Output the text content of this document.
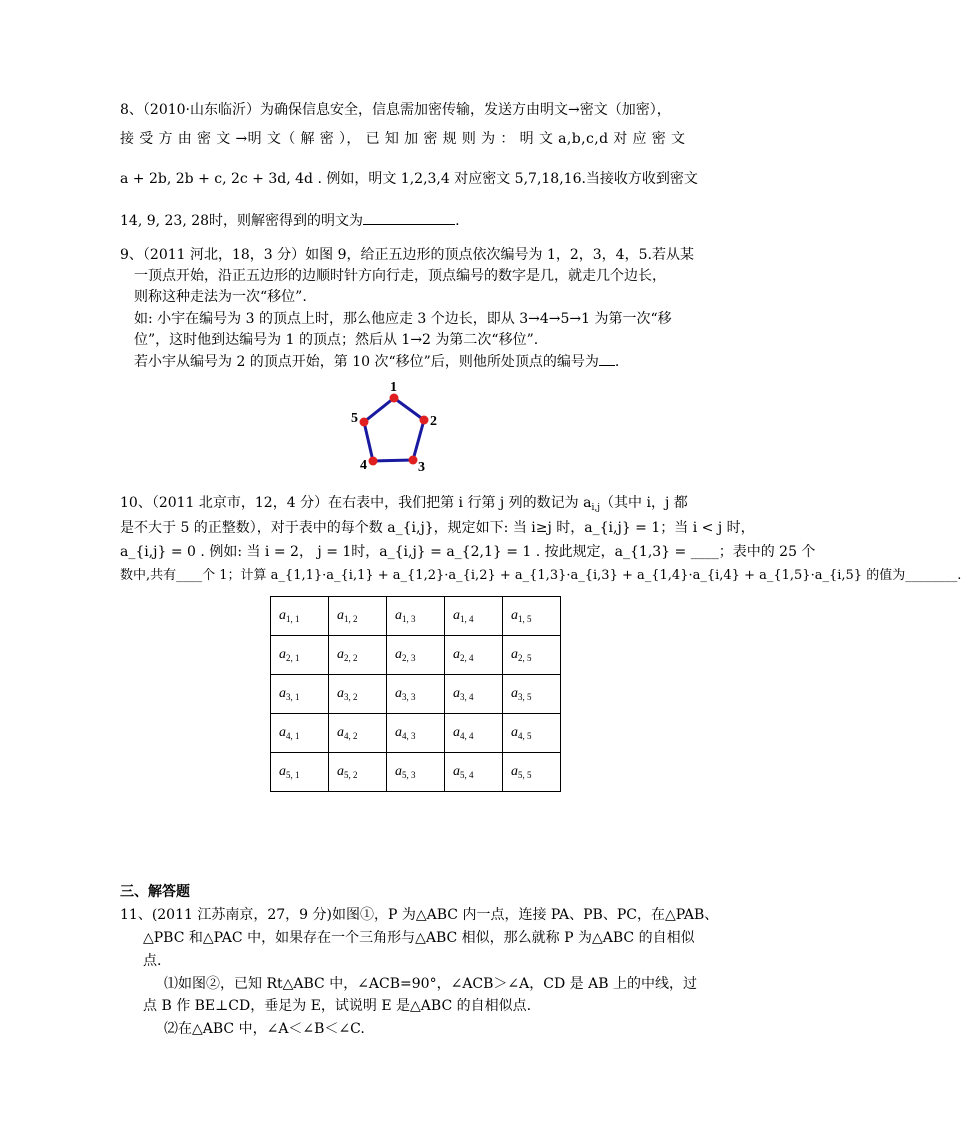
8、（2010·山东临沂）为确保信息安全，信息需加密传输，发送方由明文→密文（加密），
接 受 方 由 密 文 →明 文（ 解 密 ）， 已 知 加 密 规 则 为 ： 明 文 a,b,c,d 对 应 密 文
a + 2b, 2b + c, 2c + 3d, 4d . 例如，明文 1,2,3,4 对应密文 5,7,18,16.当接收方收到密文
14, 9, 23, 28时，则解密得到的明文为	.
9、（2011 河北，18，3 分）如图 9，给正五边形的顶点依次编号为 1，2，3，4，5.若从某
一顶点开始，沿正五边形的边顺时针方向行走，顶点编号的数字是几，就走几个边长，
则称这种走法为一次“移位”.
如: 小宇在编号为 3 的顶点上时，那么他应走 3 个边长，即从 3→4→5→1 为第一次“移
位”，这时他到达编号为 1 的顶点；然后从 1→2 为第二次“移位”.
若小宇从编号为 2 的顶点开始，第 10 次“移位”后，则他所处顶点的编号为 .
1
2
3
4
5
10、（2011 北京市，12，4 分）在右表中，我们把第 i 行第 j 列的数记为 $a_{i,j}$（其中 i，j 都
是不大于 5 的正整数），对于表中的每个数 a_{i,j}，规定如下: 当 i≥j 时，a_{i,j} = 1；当 i < j 时，
a_{i,j} = 0 . 例如: 当 i = 2， j = 1时，a_{i,j} = a_{2,1} = 1 . 按此规定，a_{1,3} = ____；表中的 25 个
数中,共有____个 1；计算 a_{1,1}·a_{i,1} + a_{1,2}·a_{i,2} + a_{1,3}·a_{i,3} + a_{1,4}·a_{i,4} + a_{1,5}·a_{i,5} 的值为________.
$a_{1, 1}$	$a_{1, 2}$	$a_{1, 3}$	$a_{1, 4}$	$a_{1, 5}$
$a_{2, 1}$	$a_{2, 2}$	$a_{2, 3}$	$a_{2, 4}$	$a_{2, 5}$
$a_{3, 1}$	$a_{3, 2}$	$a_{3, 3}$	$a_{3, 4}$	$a_{3, 5}$
$a_{4, 1}$	$a_{4, 2}$	$a_{4, 3}$	$a_{4, 4}$	$a_{4, 5}$
$a_{5, 1}$	$a_{5, 2}$	$a_{5, 3}$	$a_{5, 4}$	$a_{5, 5}$
三、解答题
11、(2011 江苏南京，27，9 分)如图①，P 为△ABC 内一点，连接 PA、PB、PC，在△PAB、
△PBC 和△PAC 中，如果存在一个三角形与△ABC 相似，那么就称 P 为△ABC 的自相似
点.
⑴如图②，已知 Rt△ABC 中，∠ACB=90°，∠ACB＞∠A，CD 是 AB 上的中线，过
点 B 作 BE⊥CD，垂足为 E，试说明 E 是△ABC 的自相似点.
⑵在△ABC 中，∠A＜∠B＜∠C.
